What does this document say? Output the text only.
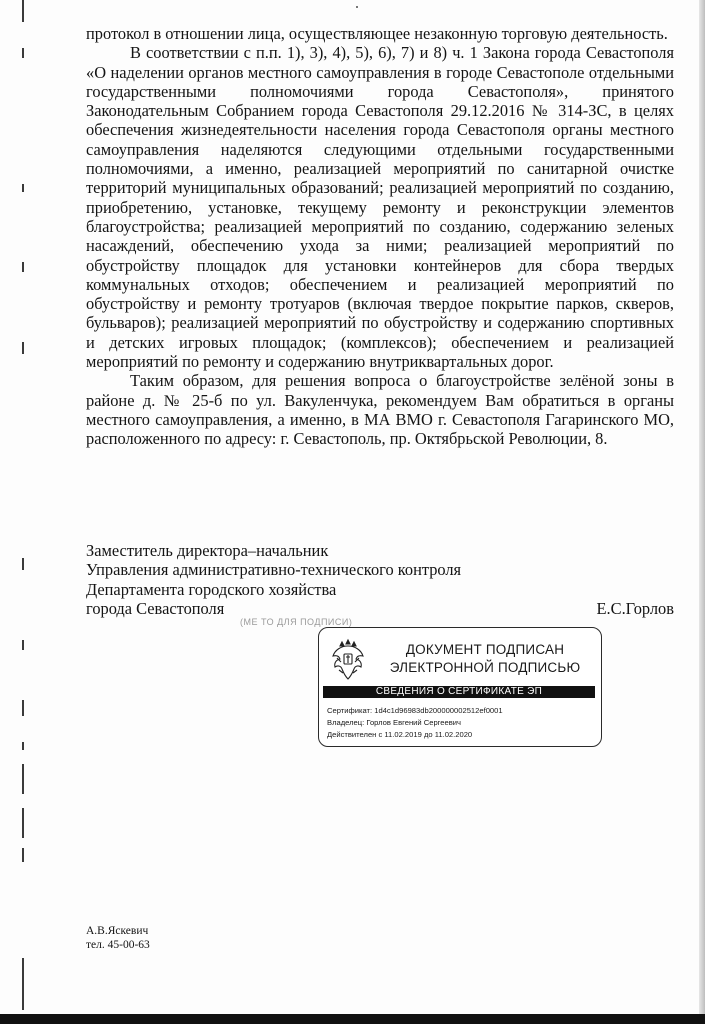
протокол в отношении лица, осуществляющее незаконную торговую деятельность.

В соответствии с п.п. 1), 3), 4), 5), 6), 7) и 8) ч. 1 Закона города Севастополя «О наделении органов местного самоуправления в городе Севастополе отдельными государственными полномочиями города Севастополя», принятого Законодательным Собранием города Севастополя 29.12.2016 № 314-ЗС, в целях обеспечения жизнедеятельности населения города Севастополя органы местного самоуправления наделяются следующими отдельными государственными полномочиями, а именно, реализацией мероприятий по санитарной очистке территорий муниципальных образований; реализацией мероприятий по созданию, приобретению, установке, текущему ремонту и реконструкции элементов благоустройства; реализацией мероприятий по созданию, содержанию зеленых насаждений, обеспечению ухода за ними; реализацией мероприятий по обустройству площадок для установки контейнеров для сбора твердых коммунальных отходов; обеспечением и реализацией мероприятий по обустройству и ремонту тротуаров (включая твердое покрытие парков, скверов, бульваров); реализацией мероприятий по обустройству и содержанию спортивных и детских игровых площадок; (комплексов); обеспечением и реализацией мероприятий по ремонту и содержанию внутриквартальных дорог.

Таким образом, для решения вопроса о благоустройстве зелёной зоны в районе д. № 25-б по ул. Вакуленчука, рекомендуем Вам обратиться в органы местного самоуправления, а именно, в МА ВМО г. Севастополя Гагаринского МО, расположенного по адресу: г. Севастополь, пр. Октябрьской Революции, 8.

Заместитель директора–начальник
Управления административно-технического контроля
Департамента городского хозяйства
города Севастополя	Е.С.Горлов
(МЕ ТО ДЛЯ ПОДПИСИ)
ДОКУМЕНТ ПОДПИСАН
ЭЛЕКТРОННОЙ ПОДПИСЬЮ
СВЕДЕНИЯ О СЕРТИФИКАТЕ ЭП
Сертификат: 1d4c1d96983db200000002512ef0001
Владелец: Горлов Евгений Сергеевич
Действителен с 11.02.2019 до 11.02.2020
А.В.Яскевич
тел. 45-00-63
